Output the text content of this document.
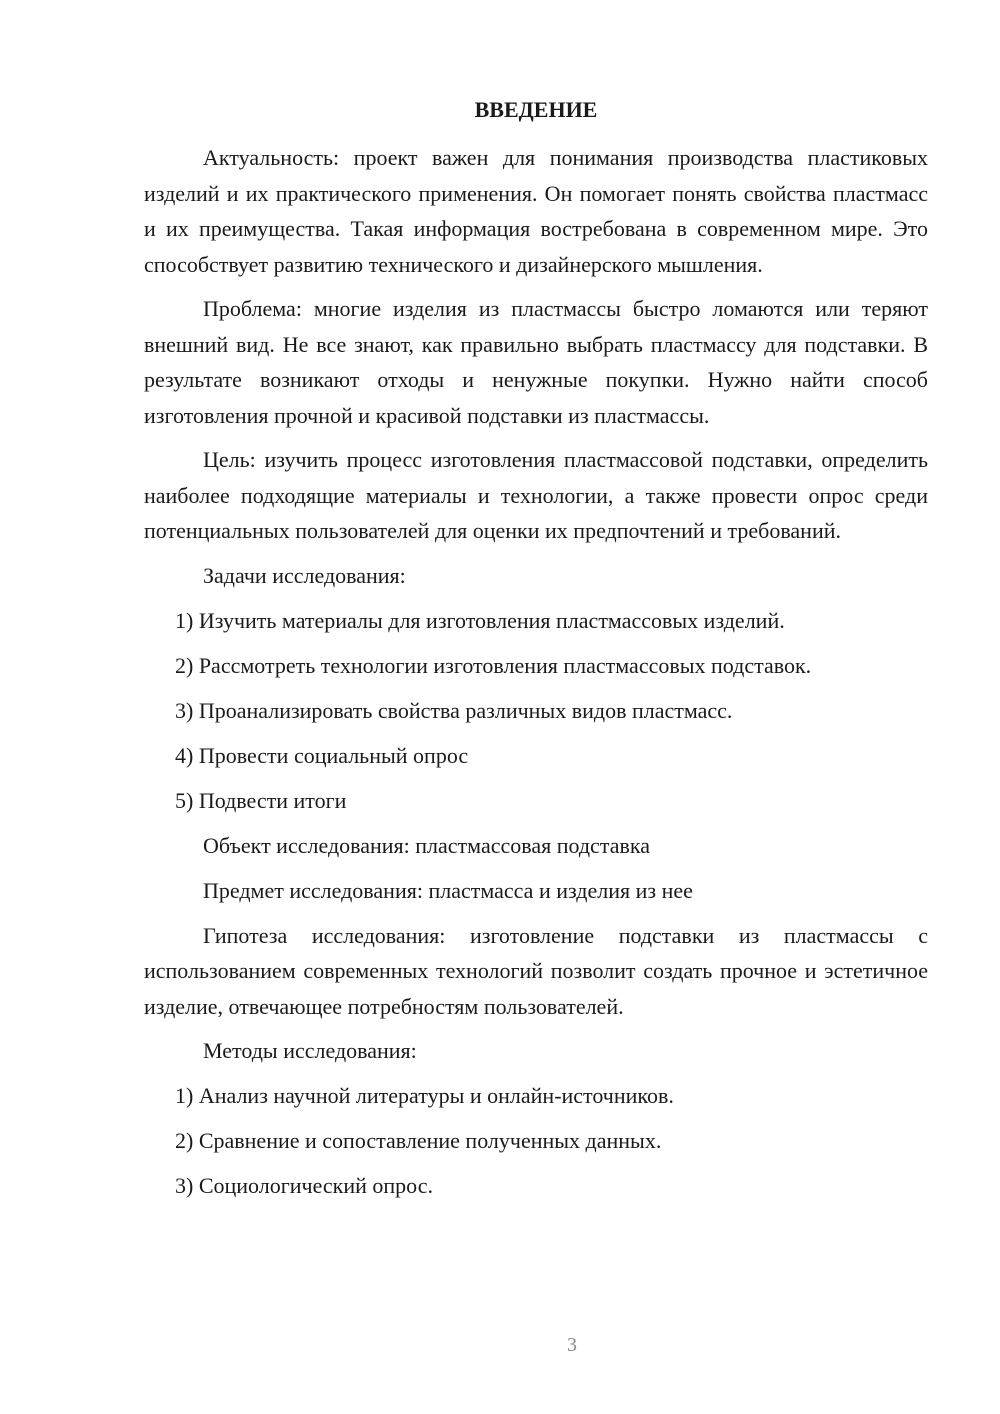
ВВЕДЕНИЕ

Актуальность: проект важен для понимания производства пластиковых изделий и их практического применения. Он помогает понять свойства пластмасс и их преимущества. Такая информация востребована в современном мире. Это способствует развитию технического и дизайнерского мышления.

Проблема: многие изделия из пластмассы быстро ломаются или теряют внешний вид. Не все знают, как правильно выбрать пластмассу для подставки. В результате возникают отходы и ненужные покупки. Нужно найти способ изготовления прочной и красивой подставки из пластмассы.

Цель: изучить процесс изготовления пластмассовой подставки, определить наиболее подходящие материалы и технологии, а также провести опрос среди потенциальных пользователей для оценки их предпочтений и требований.

Задачи исследования:
1) Изучить материалы для изготовления пластмассовых изделий.
2) Рассмотреть технологии изготовления пластмассовых подставок.
3) Проанализировать свойства различных видов пластмасс.
4) Провести социальный опрос
5) Подвести итоги
Объект исследования: пластмассовая подставка
Предмет исследования: пластмасса и изделия из нее

Гипотеза исследования: изготовление подставки из пластмассы с использованием современных технологий позволит создать прочное и эстетичное изделие, отвечающее потребностям пользователей.

Методы исследования:
1) Анализ научной литературы и онлайн-источников.
2) Сравнение и сопоставление полученных данных.
3) Социологический опрос.
3
